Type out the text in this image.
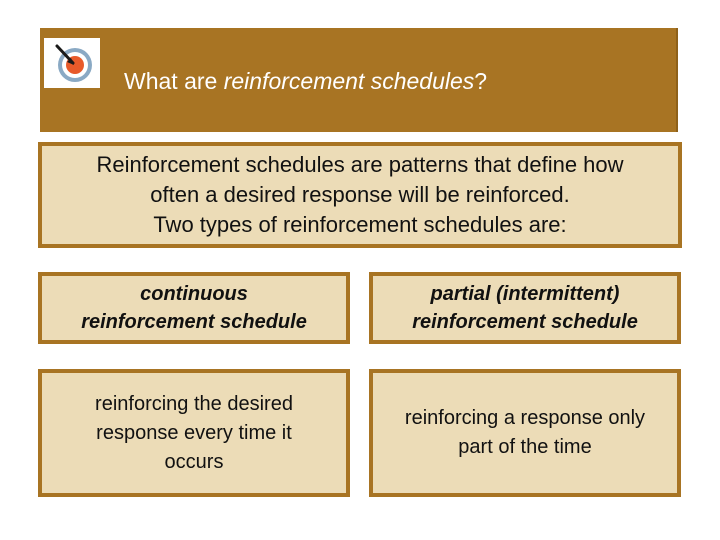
What are reinforcement schedules?
Reinforcement schedules are patterns that define how
often a desired response will be reinforced.
Two types of reinforcement schedules are:
continuous
reinforcement schedule
partial (intermittent)
reinforcement schedule
reinforcing the desired
response every time it
occurs
reinforcing a response only
part of the time
